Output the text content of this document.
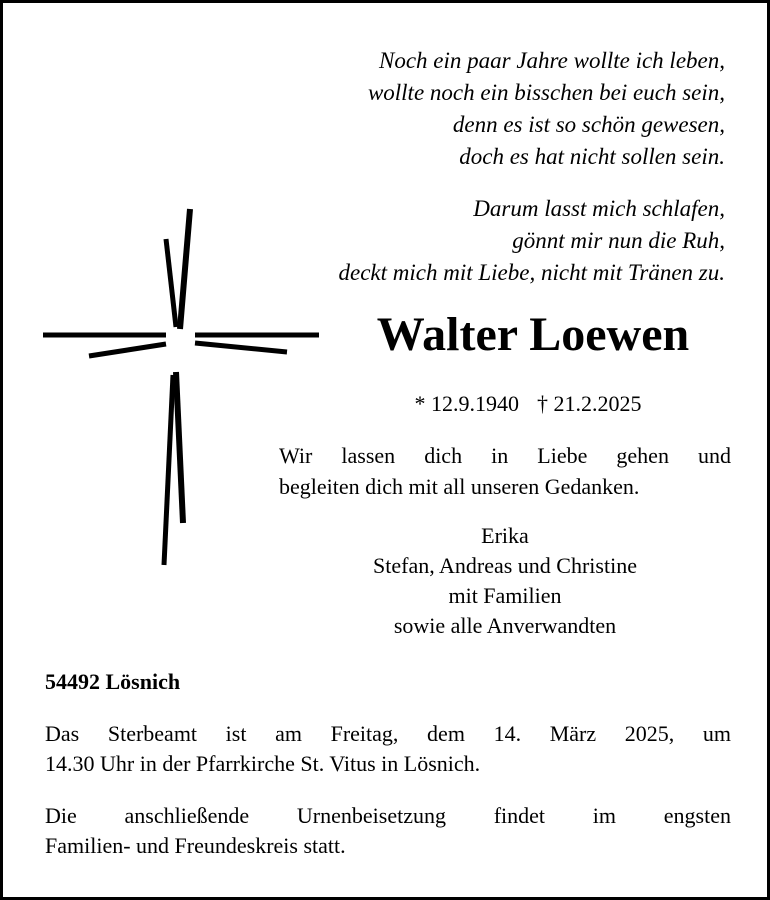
Noch ein paar Jahre wollte ich leben,
wollte noch ein bisschen bei euch sein,
denn es ist so schön gewesen,
doch es hat nicht sollen sein.
Darum lasst mich schlafen,
gönnt mir nun die Ruh,
deckt mich mit Liebe, nicht mit Tränen zu.
Walter Loewen
* 12.9.1940 † 21.2.2025
Wir lassen dich in Liebe gehen und
begleiten dich mit all unseren Gedanken.
Erika
Stefan, Andreas und Christine
mit Familien
sowie alle Anverwandten
54492 Lösnich
Das Sterbeamt ist am Freitag, dem 14. März 2025, um
14.30 Uhr in der Pfarrkirche St. Vitus in Lösnich.
Die anschließende Urnenbeisetzung findet im engsten
Familien- und Freundeskreis statt.
